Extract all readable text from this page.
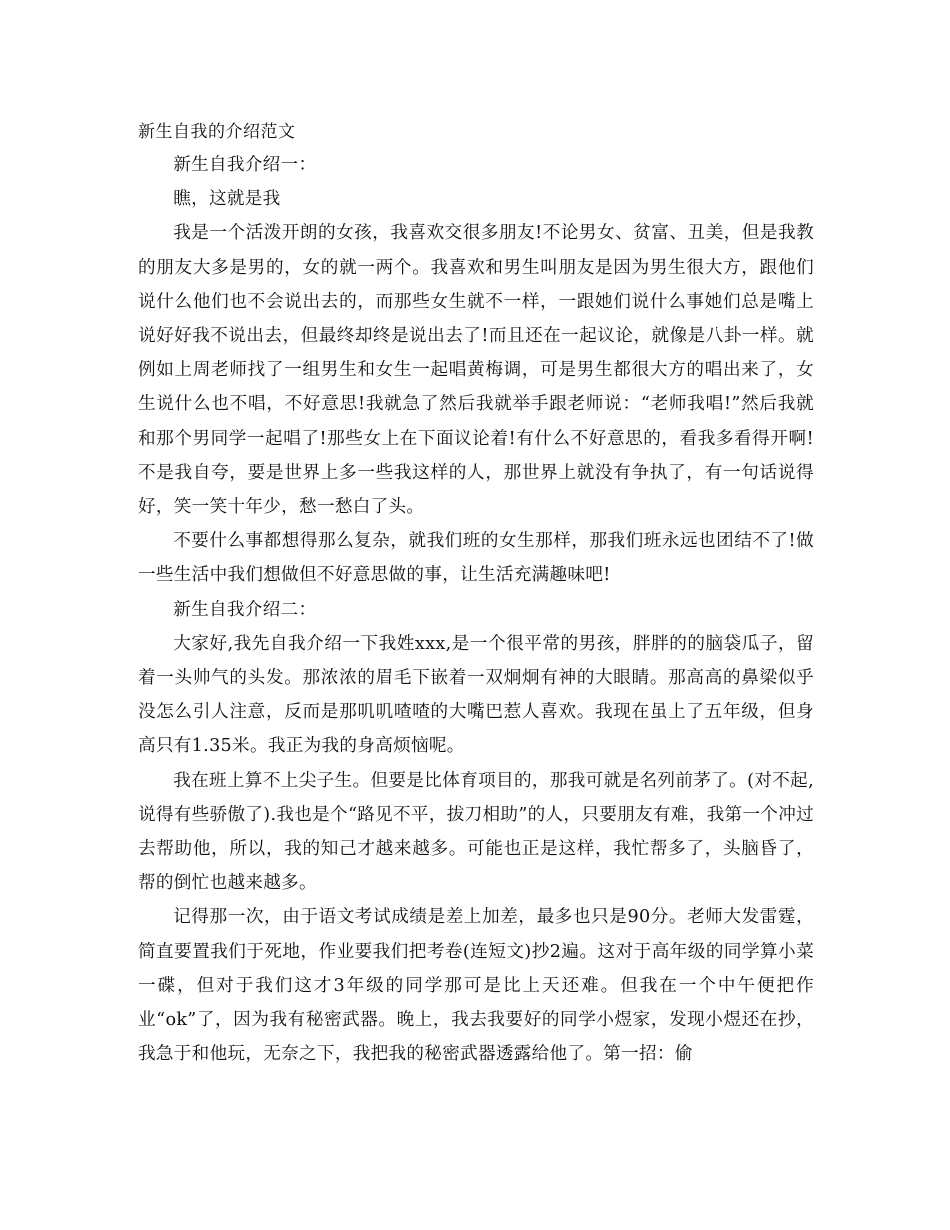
新生自我的介绍范文

新生自我介绍一：

瞧，这就是我

我是一个活泼开朗的女孩，我喜欢交很多朋友!不论男女、贫富、丑美，但是我教的朋友大多是男的，女的就一两个。我喜欢和男生叫朋友是因为男生很大方，跟他们说什么他们也不会说出去的，而那些女生就不一样，一跟她们说什么事她们总是嘴上说好好我不说出去，但最终却终是说出去了!而且还在一起议论，就像是八卦一样。就例如上周老师找了一组男生和女生一起唱黄梅调，可是男生都很大方的唱出来了，女生说什么也不唱，不好意思!我就急了然后我就举手跟老师说：“老师我唱!”然后我就和那个男同学一起唱了!那些女上在下面议论着!有什么不好意思的，看我多看得开啊!不是我自夸，要是世界上多一些我这样的人，那世界上就没有争执了，有一句话说得好，笑一笑十年少，愁一愁白了头。

不要什么事都想得那么复杂，就我们班的女生那样，那我们班永远也团结不了!做一些生活中我们想做但不好意思做的事，让生活充满趣味吧!

新生自我介绍二：

大家好,我先自我介绍一下我姓xxx,是一个很平常的男孩，胖胖的的脑袋瓜子，留着一头帅气的头发。那浓浓的眉毛下嵌着一双炯炯有神的大眼睛。那高高的鼻梁似乎没怎么引人注意，反而是那叽叽喳喳的大嘴巴惹人喜欢。我现在虽上了五年级，但身高只有1.35米。我正为我的身高烦恼呢。

我在班上算不上尖子生。但要是比体育项目的，那我可就是名列前茅了。(对不起,说得有些骄傲了).我也是个“路见不平，拔刀相助”的人，只要朋友有难，我第一个冲过去帮助他，所以，我的知己才越来越多。可能也正是这样，我忙帮多了，头脑昏了，帮的倒忙也越来越多。

记得那一次，由于语文考试成绩是差上加差，最多也只是90分。老师大发雷霆，简直要置我们于死地，作业要我们把考卷(连短文)抄2遍。这对于高年级的同学算小菜一碟，但对于我们这才3年级的同学那可是比上天还难。但我在一个中午便把作业“ok”了，因为我有秘密武器。晚上，我去我要好的同学小煜家，发现小煜还在抄，我急于和他玩，无奈之下，我把我的秘密武器透露给他了。第一招：偷
